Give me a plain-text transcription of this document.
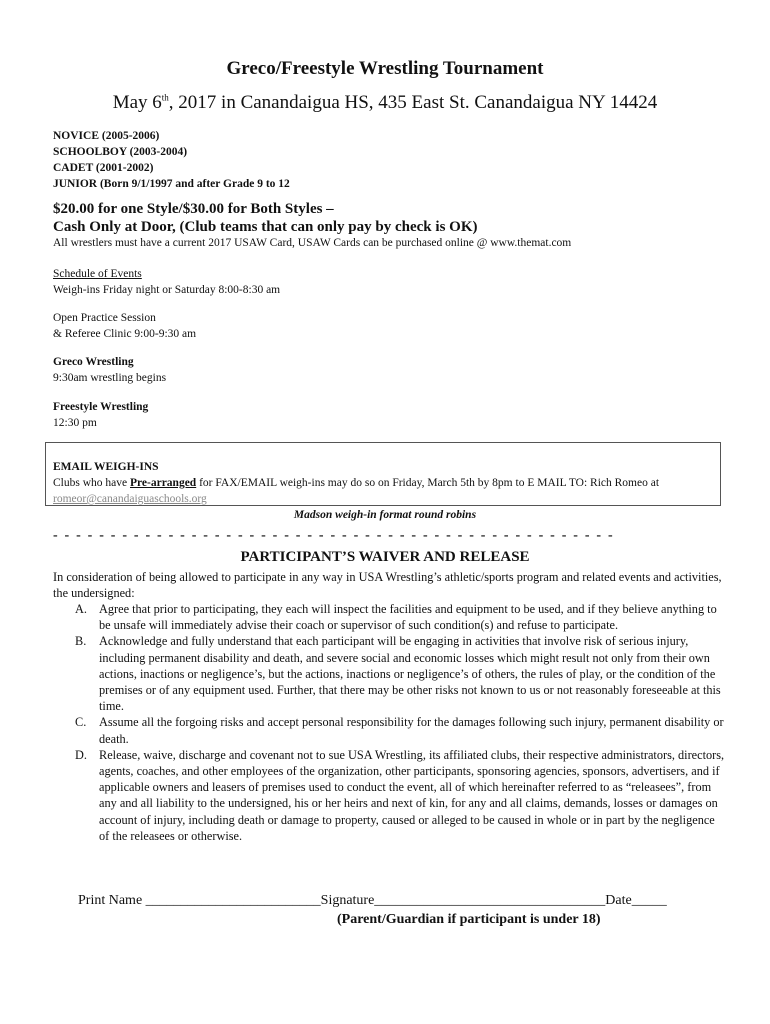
Greco/Freestyle Wrestling Tournament
May 6th, 2017 in Canandaigua HS, 435 East St. Canandaigua NY 14424
NOVICE (2005-2006)
SCHOOLBOY (2003-2004)
CADET (2001-2002)
JUNIOR (Born 9/1/1997 and after Grade 9 to 12
$20.00 for one Style/$30.00 for Both Styles –
Cash Only at Door, (Club teams that can only pay by check is OK)
All wrestlers must have a current 2017 USAW Card, USAW Cards can be purchased online @ www.themat.com
Schedule of Events
Weigh-ins Friday night or Saturday 8:00-8:30 am
Open Practice Session
& Referee Clinic 9:00-9:30 am
Greco Wrestling
9:30am wrestling begins
Freestyle Wrestling
12:30 pm
EMAIL WEIGH-INS
Clubs who have Pre-arranged for FAX/EMAIL weigh-ins may do so on Friday, March 5th by 8pm to E MAIL TO: Rich Romeo at
romeor@canandaiguaschools.org
Madson weigh-in format round robins
- - - - - - - - - - - - - - - - - - - - - - - - - - - - - - - - - - - - - - - - - - - - - - - - -
PARTICIPANT’S WAIVER AND RELEASE
In consideration of being allowed to participate in any way in USA Wrestling’s athletic/sports program and related events and activities, the undersigned:
A. Agree that prior to participating, they each will inspect the facilities and equipment to be used, and if they believe anything to be unsafe will immediately advise their coach or supervisor of such condition(s) and refuse to participate.
B.	Acknowledge and fully understand that each participant will be engaging in activities that involve risk of serious injury, including permanent disability and death, and severe social and economic losses which might result not only from their own actions, inactions or negligence’s, but the actions, inactions or negligence’s of others, the rules of play, or the condition of the premises or of any equipment used. Further, that there may be other risks not known to us or not reasonably foreseeable at this time.
C.	Assume all the forgoing risks and accept personal responsibility for the damages following such injury, permanent disability or death.
D. Release, waive, discharge and covenant not to sue USA Wrestling, its affiliated clubs, their respective administrators, directors, agents, coaches, and other employees of the organization, other participants, sponsoring agencies, sponsors, advertisers, and if applicable owners and leasers of premises used to conduct the event, all of which hereinafter referred to as “releasees”, from any and all liability to the undersigned, his or her heirs and next of kin, for any and all claims, demands, losses or damages on account of injury, including death or damage to property, caused or alleged to be caused in whole or in part by the negligence of the releasees or otherwise.
Print Name _________________________Signature_________________________________Date_____
(Parent/Guardian if participant is under 18)
